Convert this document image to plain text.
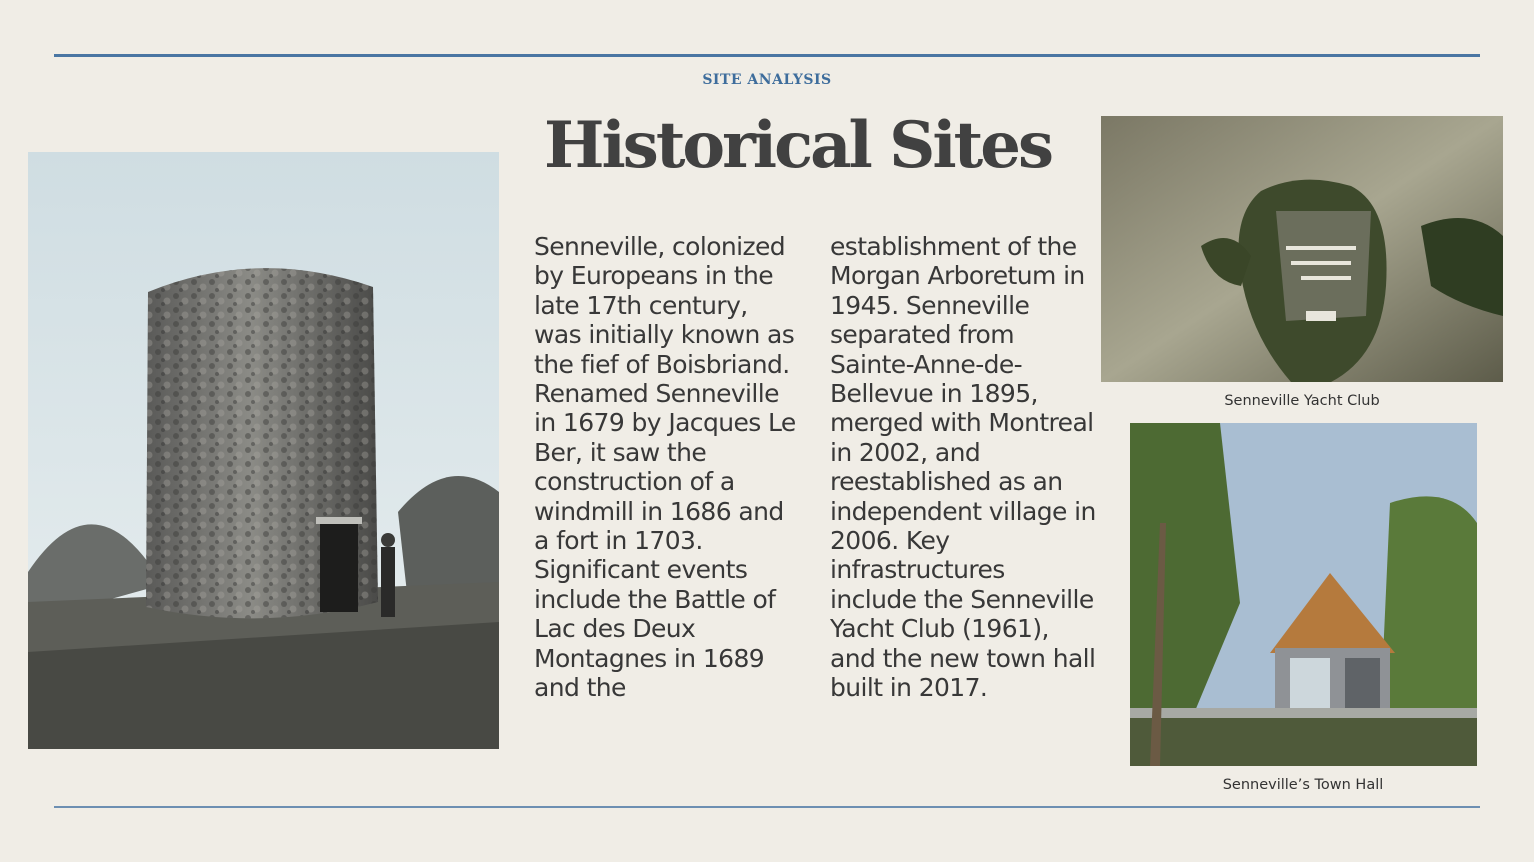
SITE ANALYSIS
Historical Sites
Senneville, colonized by Europeans in the late 17th century, was initially known as the fief of Boisbriand. Renamed Senneville in 1679 by Jacques Le Ber, it saw the construction of a windmill in 1686 and a fort in 1703. Significant events include the Battle of Lac des Deux Montagnes in 1689 and the establishment of the Morgan Arboretum in 1945. Senneville separated from Sainte-Anne-de-Bellevue in 1895, merged with Montreal in 2002, and reestablished as an independent village in 2006. Key infrastructures include the Senneville Yacht Club (1961), and the new town hall built in 2017.
Senneville Yacht Club
Senneville’s Town Hall
